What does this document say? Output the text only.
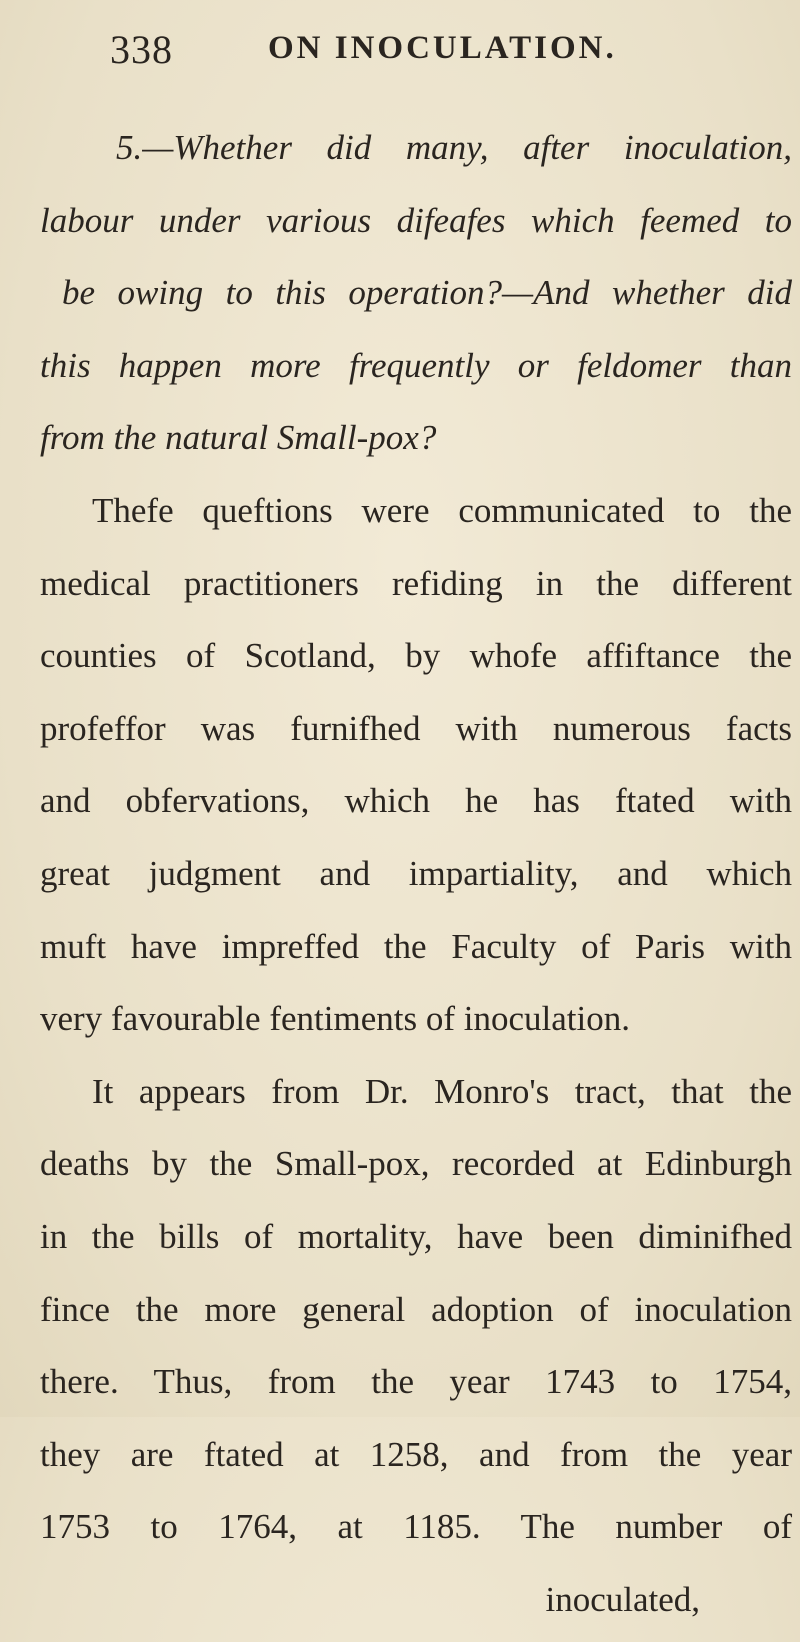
338	ON INOCULATION.
5.—Whether did many, after inoculation,
labour under various difeafes which feemed to
be owing to this operation?—And whether did
this happen more frequently or feldomer than
from the natural Small-pox?
Thefe queftions were communicated to the
medical practitioners refiding in the different
counties of Scotland, by whofe affiftance the
profeffor was furnifhed with numerous facts
and obfervations, which he has ftated with
great judgment and impartiality, and which
muft have impreffed the Faculty of Paris with
very favourable fentiments of inoculation.
It appears from Dr. Monro's tract, that the
deaths by the Small-pox, recorded at Edinburgh
in the bills of mortality, have been diminifhed
fince the more general adoption of inoculation
there. Thus, from the year 1743 to 1754,
they are ftated at 1258, and from the year
1753 to 1764, at 1185. The number of
inoculated,
